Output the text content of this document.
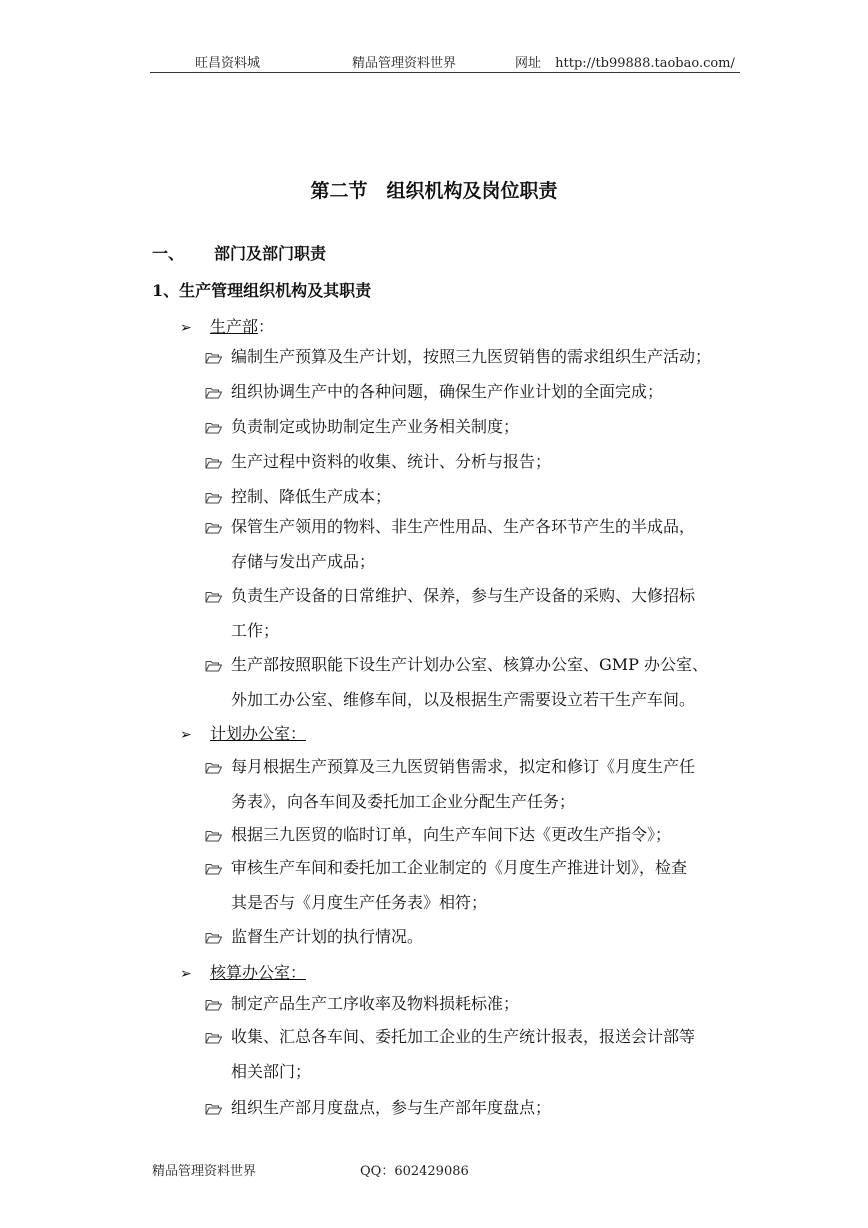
旺昌资料城	精品管理资料世界	网址 http://tb99888.taobao.com/
第二节　组织机构及岗位职责
一、 部门及部门职责
1、生产管理组织机构及其职责
➢ 生产部：
编制生产预算及生产计划，按照三九医贸销售的需求组织生产活动；
组织协调生产中的各种问题，确保生产作业计划的全面完成；
负责制定或协助制定生产业务相关制度；
生产过程中资料的收集、统计、分析与报告；
控制、降低生产成本；
保管生产领用的物料、非生产性用品、生产各环节产生的半成品，
存储与发出产成品；
负责生产设备的日常维护、保养，参与生产设备的采购、大修招标
工作；
生产部按照职能下设生产计划办公室、核算办公室、GMP 办公室、
外加工办公室、维修车间，以及根据生产需要设立若干生产车间。
➢ 计划办公室：
每月根据生产预算及三九医贸销售需求，拟定和修订《月度生产任
务表》，向各车间及委托加工企业分配生产任务；
根据三九医贸的临时订单，向生产车间下达《更改生产指令》；
审核生产车间和委托加工企业制定的《月度生产推进计划》，检查
其是否与《月度生产任务表》相符；
监督生产计划的执行情况。
➢ 核算办公室：
制定产品生产工序收率及物料损耗标准；
收集、汇总各车间、委托加工企业的生产统计报表，报送会计部等
相关部门；
组织生产部月度盘点，参与生产部年度盘点；
精品管理资料世界	QQ：602429086
